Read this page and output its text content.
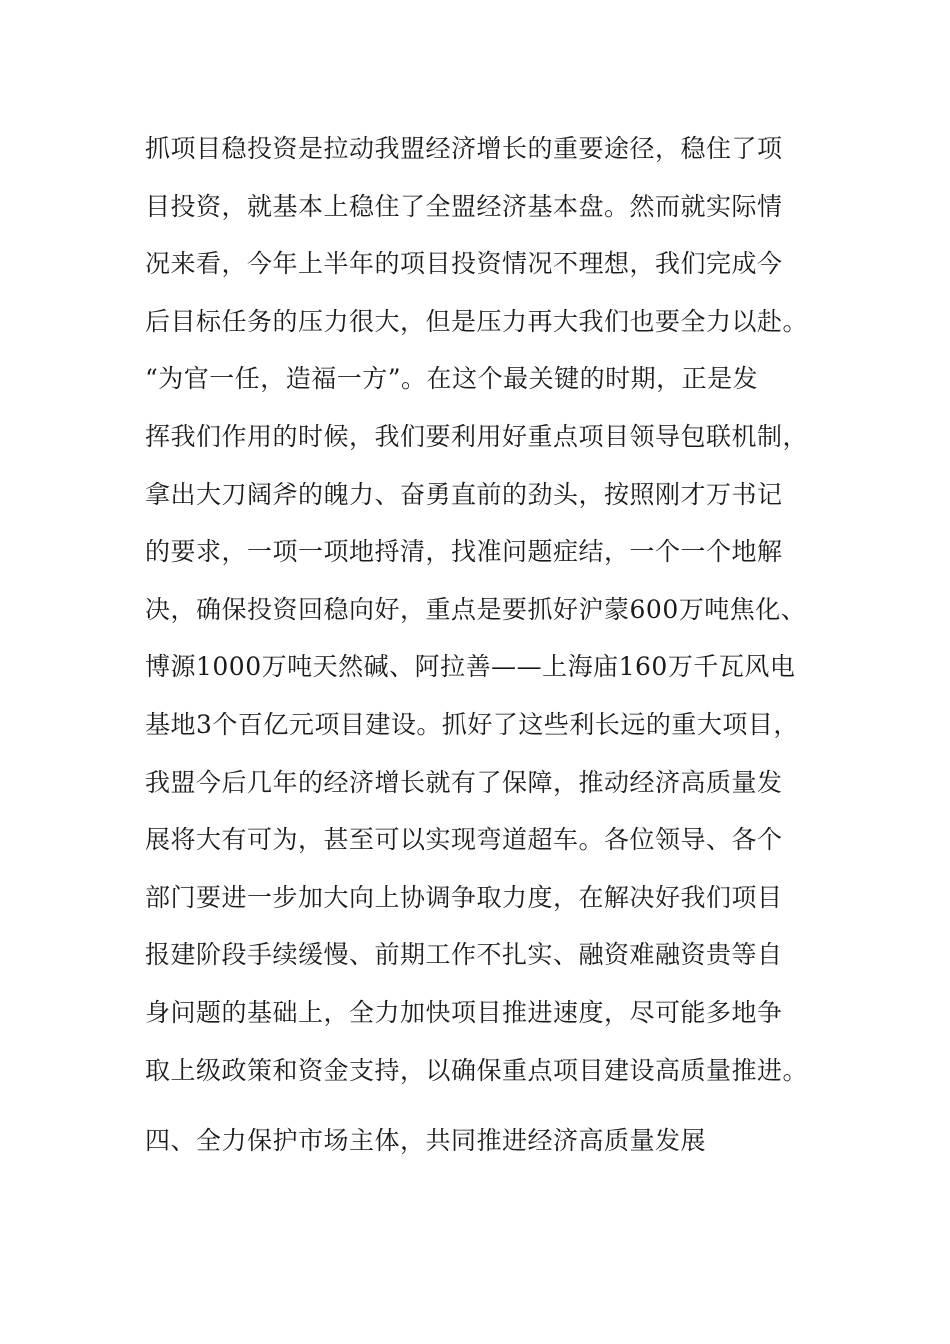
抓项目稳投资是拉动我盟经济增长的重要途径，稳住了项
目投资，就基本上稳住了全盟经济基本盘。然而就实际情
况来看，今年上半年的项目投资情况不理想，我们完成今
后目标任务的压力很大，但是压力再大我们也要全力以赴。
“为官一任，造福一方”。在这个最关键的时期，正是发
挥我们作用的时候，我们要利用好重点项目领导包联机制，
拿出大刀阔斧的魄力、奋勇直前的劲头，按照刚才万书记
的要求，一项一项地捋清，找准问题症结，一个一个地解
决，确保投资回稳向好，重点是要抓好沪蒙600万吨焦化、
博源1000万吨天然碱、阿拉善——上海庙160万千瓦风电
基地3个百亿元项目建设。抓好了这些利长远的重大项目，
我盟今后几年的经济增长就有了保障，推动经济高质量发
展将大有可为，甚至可以实现弯道超车。各位领导、各个
部门要进一步加大向上协调争取力度，在解决好我们项目
报建阶段手续缓慢、前期工作不扎实、融资难融资贵等自
身问题的基础上，全力加快项目推进速度，尽可能多地争
取上级政策和资金支持，以确保重点项目建设高质量推进。
四、全力保护市场主体，共同推进经济高质量发展
